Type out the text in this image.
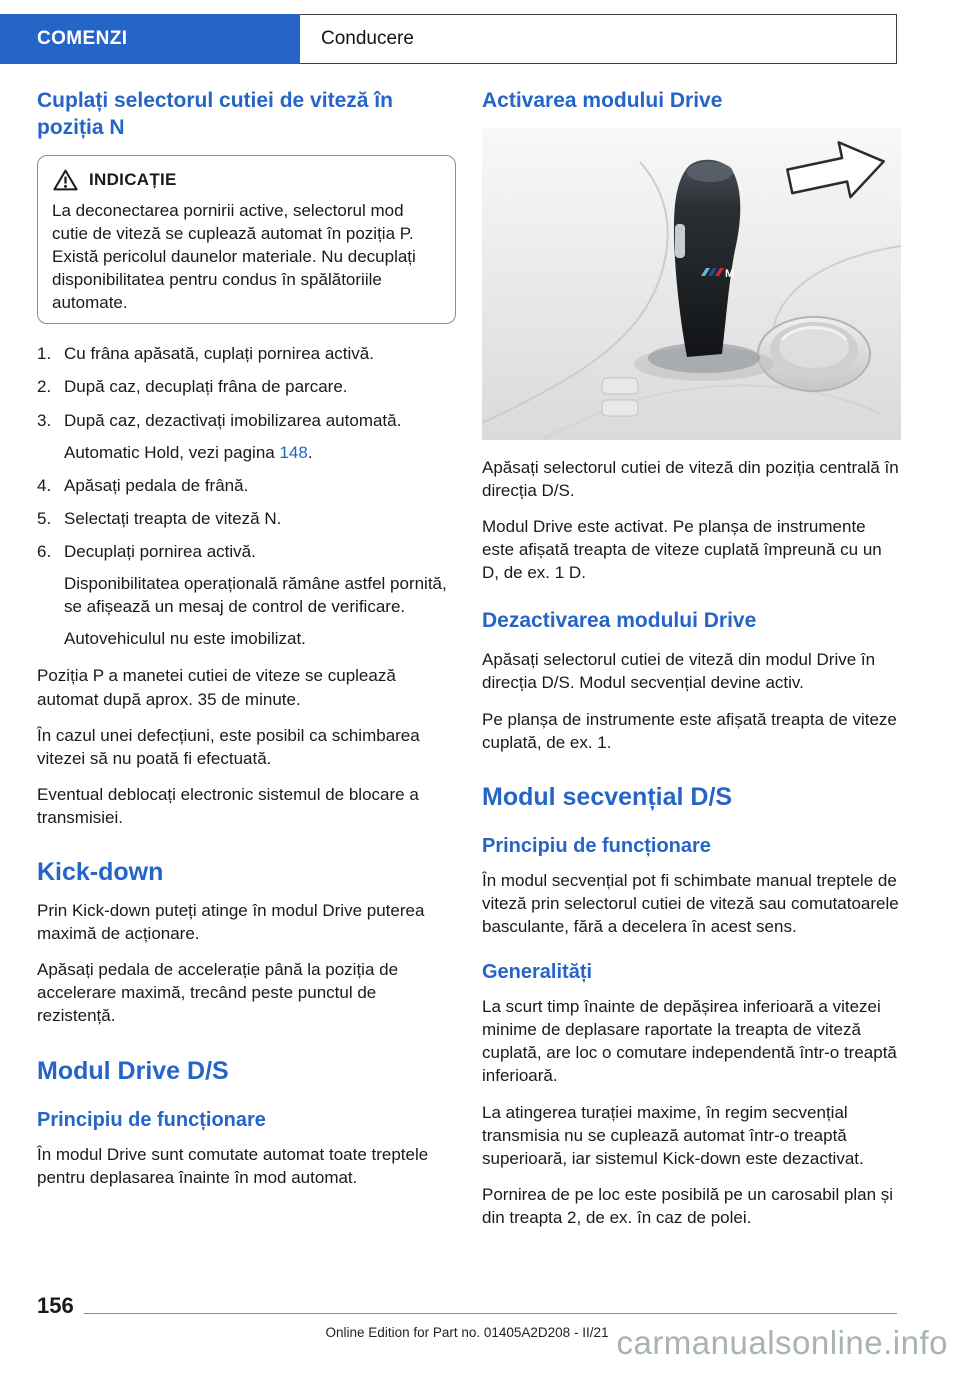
COMENZI	Conducere
Cuplați selectorul cutiei de viteză în poziția N
INDICAȚIE
La deconectarea pornirii active, selectorul mod cutie de viteză se cuplează automat în poziția P. Există pericolul daunelor materiale. Nu decuplați disponibilitatea pentru condus în spălătoriile automate.
1. Cu frâna apăsată, cuplați pornirea activă.
2. După caz, decuplați frâna de parcare.
3. După caz, dezactivați imobilizarea automată.
Automatic Hold, vezi pagina 148.
4. Apăsați pedala de frână.
5. Selectați treapta de viteză N.
6. Decuplați pornirea activă.
Disponibilitatea operațională rămâne astfel pornită, se afișează un mesaj de control de verificare.
Autovehiculul nu este imobilizat.

Poziția P a manetei cutiei de viteze se cuplează automat după aprox. 35 de minute.

În cazul unei defecțiuni, este posibil ca schimbarea vitezei să nu poată fi efectuată.

Eventual deblocați electronic sistemul de blocare a transmisiei.

Kick-down

Prin Kick-down puteți atinge în modul Drive puterea maximă de acționare.

Apăsați pedala de accelerație până la poziția de accelerare maximă, trecând peste punctul de rezistență.

Modul Drive D/S
Principiu de funcționare

În modul Drive sunt comutate automat toate treptele pentru deplasarea înainte în mod automat.

Activarea modului Drive
M

Apăsați selectorul cutiei de viteză din poziția centrală în direcția D/S.

Modul Drive este activat. Pe planșa de instrumente este afișată treapta de viteze cuplată împreună cu un D, de ex. 1 D.

Dezactivarea modului Drive

Apăsați selectorul cutiei de viteză din modul Drive în direcția D/S. Modul secvențial devine activ.

Pe planșa de instrumente este afișată treapta de viteze cuplată, de ex. 1.

Modul secvențial D/S
Principiu de funcționare

În modul secvențial pot fi schimbate manual treptele de viteză prin selectorul cutiei de viteză sau comutatoarele basculante, fără a decelera în acest sens.

Generalități

La scurt timp înainte de depășirea inferioară a vitezei minime de deplasare raportate la treapta de viteză cuplată, are loc o comutare independentă într-o treaptă inferioară.

La atingerea turației maxime, în regim secvențial transmisia nu se cuplează automat într-o treaptă superioară, iar sistemul Kick-down este dezactivat.

Pornirea de pe loc este posibilă pe un carosabil plan și din treapta 2, de ex. în caz de polei.

156
Online Edition for Part no. 01405A2D208 - II/21 carmanualsonline.info
